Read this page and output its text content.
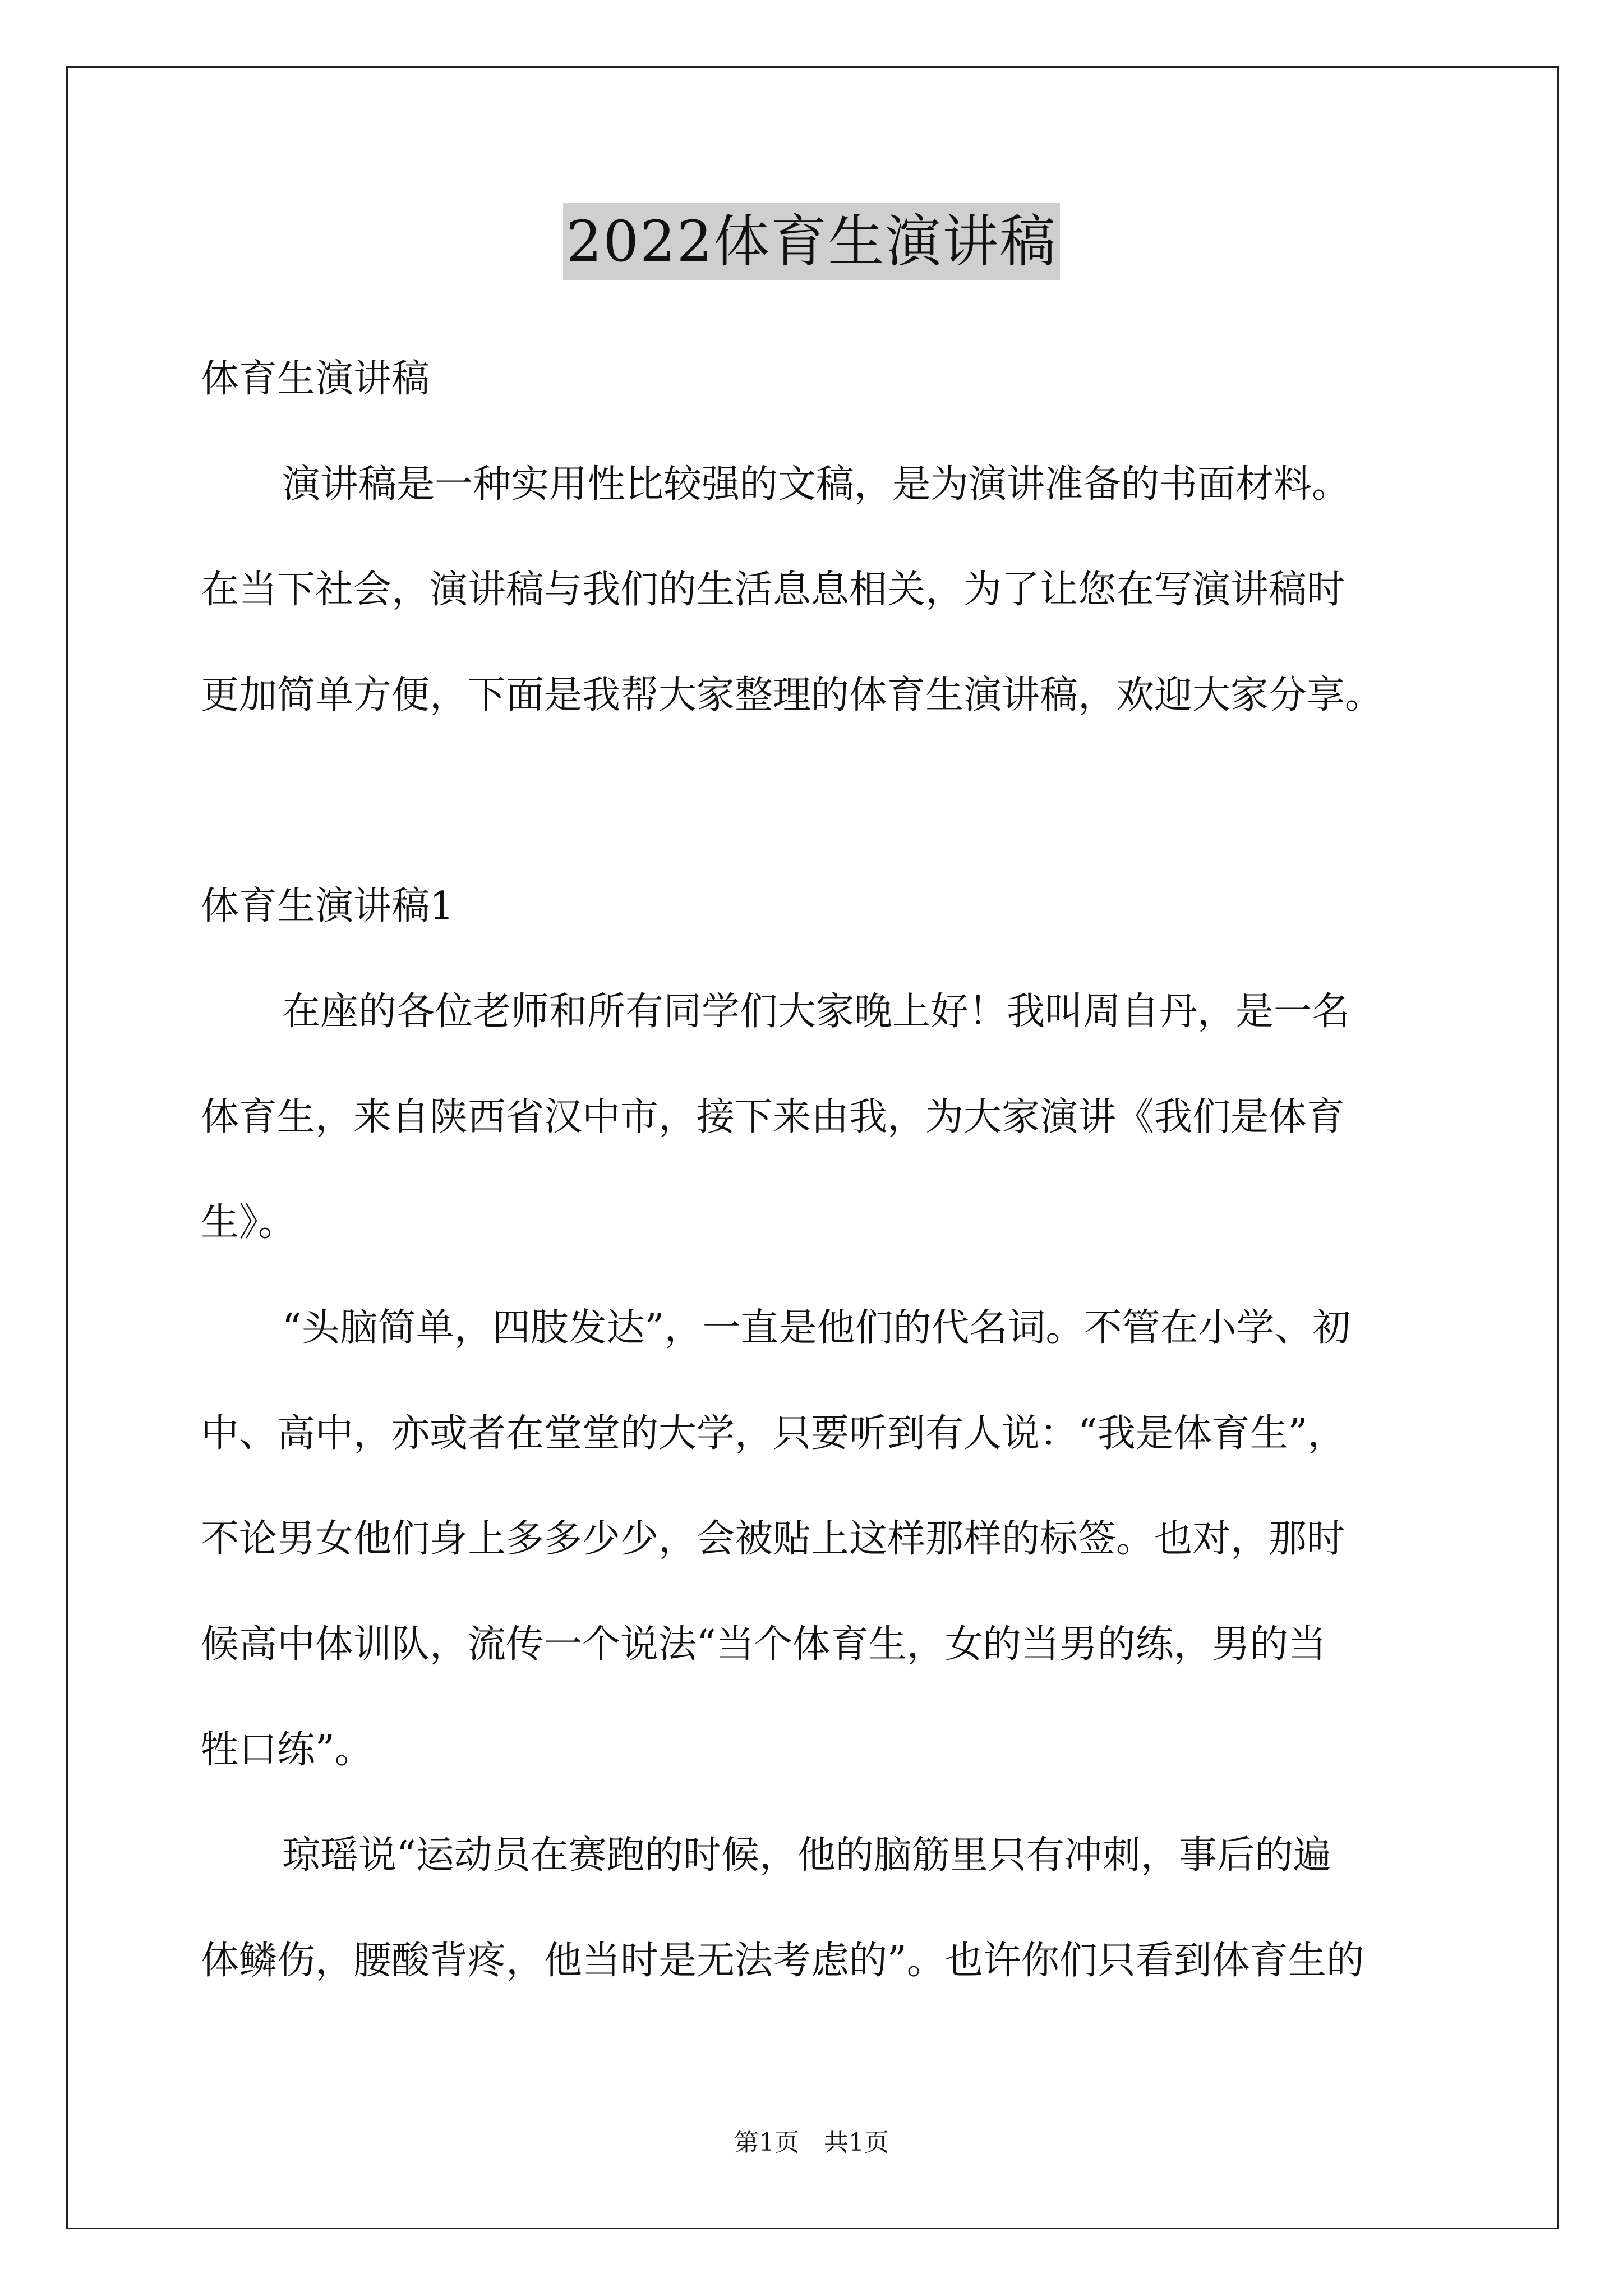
2022体育生演讲稿
体育生演讲稿
演讲稿是一种实用性比较强的文稿，是为演讲准备的书面材料。
在当下社会，演讲稿与我们的生活息息相关，为了让您在写演讲稿时
更加简单方便，下面是我帮大家整理的体育生演讲稿，欢迎大家分享。
体育生演讲稿1
在座的各位老师和所有同学们大家晚上好！我叫周自丹，是一名
体育生，来自陕西省汉中市，接下来由我，为大家演讲《我们是体育
生》。
“头脑简单，四肢发达”，一直是他们的代名词。不管在小学、初
中、高中，亦或者在堂堂的大学，只要听到有人说：“我是体育生”，
不论男女他们身上多多少少，会被贴上这样那样的标签。也对，那时
候高中体训队，流传一个说法“当个体育生，女的当男的练，男的当
牲口练”。
琼瑶说“运动员在赛跑的时候，他的脑筋里只有冲刺，事后的遍
体鳞伤，腰酸背疼，他当时是无法考虑的”。也许你们只看到体育生的
第1页　共1页
